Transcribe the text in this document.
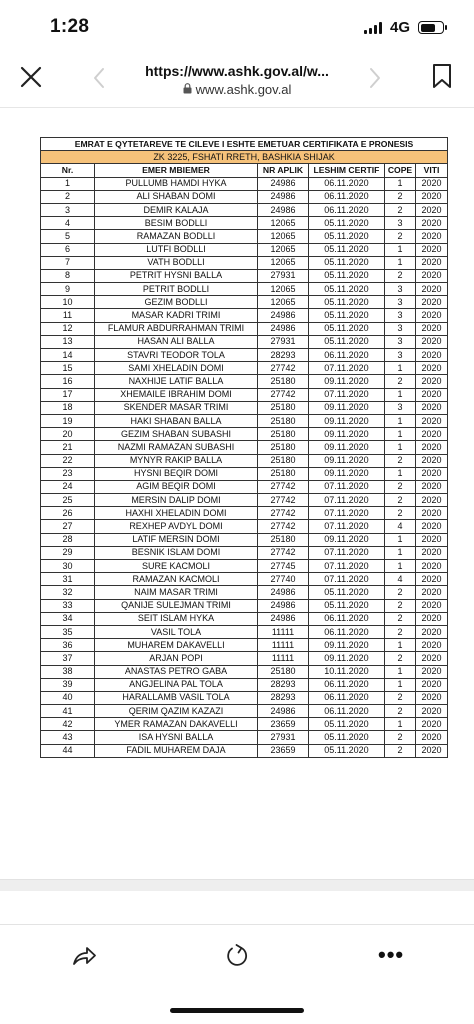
1:28	4G
https://www.ashk.gov.al/w...
www.ashk.gov.al
EMRAT E QYTETAREVE TE CILEVE I ESHTE EMETUAR CERTIFIKATA E PRONESIS					
ZK 3225, FSHATI RRETH, BASHKIA SHIJAK					
Nr.	EMER MBIEMER	NR APLIK	LESHIM CERTIF	COPE	VITI
1	PULLUMB HAMDI HYKA	24986	06.11.2020	1	2020
2	ALI SHABAN DOMI	24986	06.11.2020	2	2020
3	DEMIR KALAJA	24986	06.11.2020	2	2020
4	BESIM BODLLI	12065	05.11.2020	3	2020
5	RAMAZAN BODLLI	12065	05.11.2020	2	2020
6	LUTFI BODLLI	12065	05.11.2020	1	2020
7	VATH BODLLI	12065	05.11.2020	1	2020
8	PETRIT HYSNI BALLA	27931	05.11.2020	2	2020
9	PETRIT BODLLI	12065	05.11.2020	3	2020
10	GEZIM BODLLI	12065	05.11.2020	3	2020
11	MASAR KADRI TRIMI	24986	05.11.2020	3	2020
12	FLAMUR ABDURRAHMAN TRIMI	24986	05.11.2020	3	2020
13	HASAN ALI BALLA	27931	05.11.2020	3	2020
14	STAVRI TEODOR TOLA	28293	06.11.2020	3	2020
15	SAMI XHELADIN DOMI	27742	07.11.2020	1	2020
16	NAXHIJE LATIF BALLA	25180	09.11.2020	2	2020
17	XHEMAILE IBRAHIM DOMI	27742	07.11.2020	1	2020
18	SKENDER MASAR TRIMI	25180	09.11.2020	3	2020
19	HAKI SHABAN BALLA	25180	09.11.2020	1	2020
20	GEZIM SHABAN SUBASHI	25180	09.11.2020	1	2020
21	NAZMI RAMAZAN SUBASHI	25180	09.11.2020	1	2020
22	MYNYR RAKIP BALLA	25180	09.11.2020	2	2020
23	HYSNI BEQIR DOMI	25180	09.11.2020	1	2020
24	AGIM BEQIR DOMI	27742	07.11.2020	2	2020
25	MERSIN DALIP DOMI	27742	07.11.2020	2	2020
26	HAXHI XHELADIN DOMI	27742	07.11.2020	2	2020
27	REXHEP AVDYL DOMI	27742	07.11.2020	4	2020
28	LATIF MERSIN DOMI	25180	09.11.2020	1	2020
29	BESNIK ISLAM DOMI	27742	07.11.2020	1	2020
30	SURE KACMOLI	27745	07.11.2020	1	2020
31	RAMAZAN KACMOLI	27740	07.11.2020	4	2020
32	NAIM MASAR TRIMI	24986	05.11.2020	2	2020
33	QANIJE SULEJMAN TRIMI	24986	05.11.2020	2	2020
34	SEIT ISLAM HYKA	24986	06.11.2020	2	2020
35	VASIL TOLA	11111	06.11.2020	2	2020
36	MUHAREM DAKAVELLI	11111	09.11.2020	1	2020
37	ARJAN POPI	11111	09.11.2020	2	2020
38	ANASTAS PETRO GABA	25180	10.11.2020	1	2020
39	ANGJELINA PAL TOLA	28293	06.11.2020	1	2020
40	HARALLAMB VASIL TOLA	28293	06.11.2020	2	2020
41	QERIM QAZIM KAZAZI	24986	06.11.2020	2	2020
42	YMER RAMAZAN DAKAVELLI	23659	05.11.2020	1	2020
43	ISA HYSNI BALLA	27931	05.11.2020	2	2020
44	FADIL MUHAREM DAJA	23659	05.11.2020	2	2020
•••
